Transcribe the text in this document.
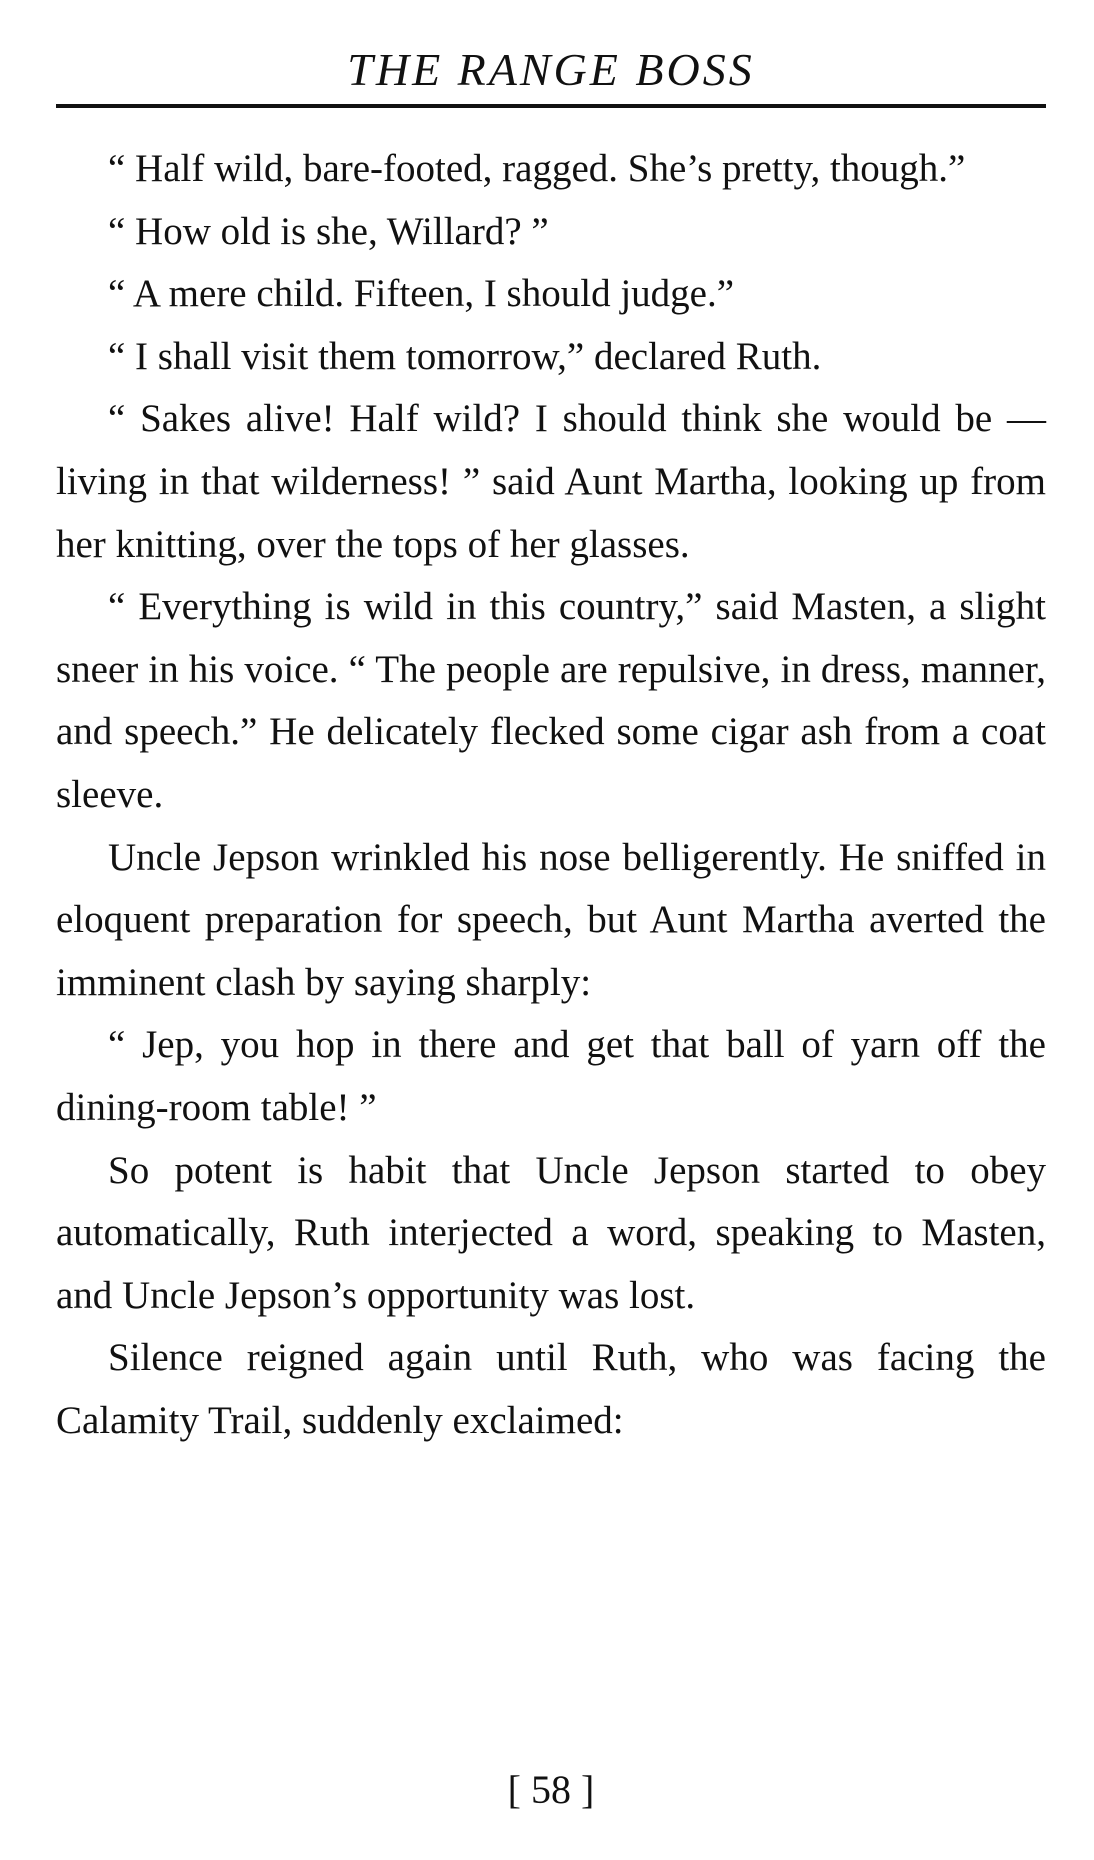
THE RANGE BOSS

“ Half wild, bare-footed, ragged. She’s pretty, though.”

“ How old is she, Willard? ”

“ A mere child. Fifteen, I should judge.”

“ I shall visit them tomorrow,” declared Ruth.

“ Sakes alive! Half wild? I should think she would be — living in that wilderness! ” said Aunt Martha, looking up from her knitting, over the tops of her glasses.

“ Everything is wild in this country,” said Masten, a slight sneer in his voice. “ The people are repulsive, in dress, manner, and speech.” He delicately flecked some cigar ash from a coat sleeve.

Uncle Jepson wrinkled his nose belligerently. He sniffed in eloquent preparation for speech, but Aunt Martha averted the imminent clash by saying sharply:

“ Jep, you hop in there and get that ball of yarn off the dining-room table! ”

So potent is habit that Uncle Jepson started to obey automatically, Ruth interjected a word, speaking to Masten, and Uncle Jepson’s opportunity was lost.

Silence reigned again until Ruth, who was facing the Calamity Trail, suddenly exclaimed:

[ 58 ]
